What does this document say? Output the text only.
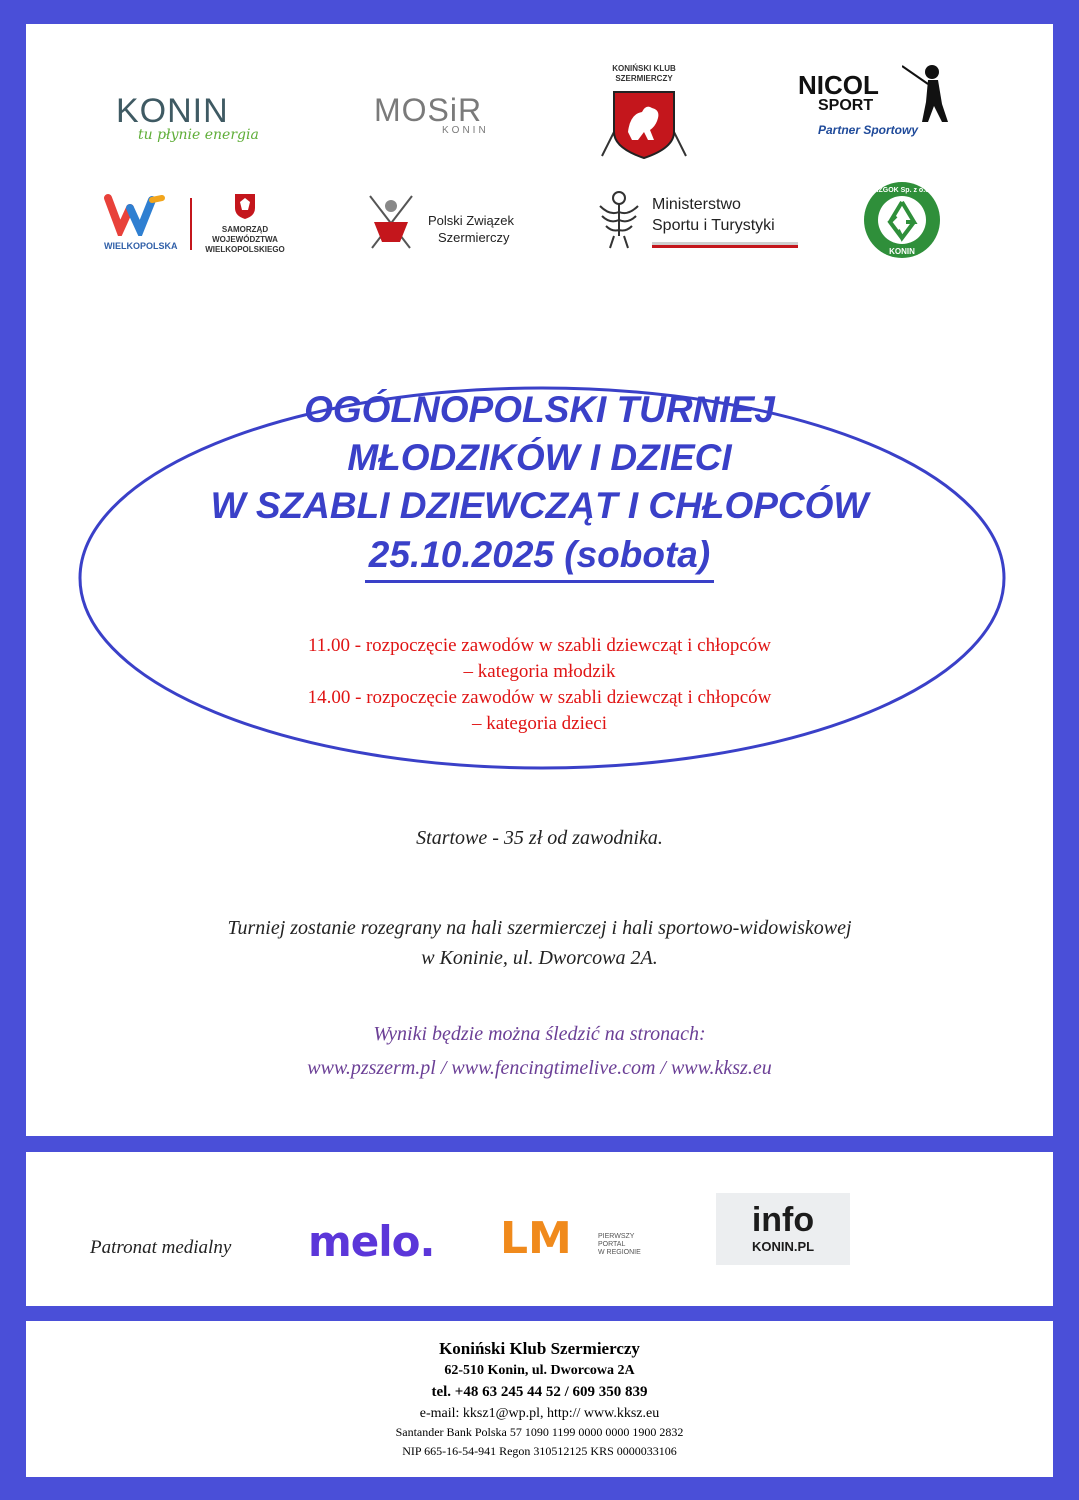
KONIN
tu płynie energia
MOSiR
KONIN
KONIŃSKI KLUB
SZERMIERCZY	NICOL
SPORT
Partner Sportowy
WIELKOPOLSKA
SAMORZĄD
WOJEWÓDZTWA
WIELKOPOLSKIEGO
Polski Związek
Szermierczy
Ministerstwo
Sportu i Turystyki
MZGOK Sp. z o.o.
KONIN
OGÓLNOPOLSKI TURNIEJ
MŁODZIKÓW I DZIECI
W SZABLI DZIEWCZĄT I CHŁOPCÓW
25.10.2025 (sobota)
11.00 - rozpoczęcie zawodów w szabli dziewcząt i chłopców
– kategoria młodzik
14.00 - rozpoczęcie zawodów w szabli dziewcząt i chłopców
– kategoria dzieci
Startowe - 35 zł od zawodnika.
Turniej zostanie rozegrany na hali szermierczej i hali sportowo-widowiskowej
w Koninie, ul. Dworcowa 2A.
Wyniki będzie można śledzić na stronach:
www.pzszerm.pl / www.fencingtimelive.com / www.kksz.eu
Patronat medialny melo. LM	PIERWSZY
PORTAL
W REGIONIE
info
KONIN.PL
Koniński Klub Szermierczy
62-510 Konin, ul. Dworcowa 2A
tel. +48 63 245 44 52 / 609 350 839
e-mail: kksz1@wp.pl, http:// www.kksz.eu
Santander Bank Polska 57 1090 1199 0000 0000 1900 2832
NIP 665-16-54-941 Regon 310512125 KRS 0000033106
